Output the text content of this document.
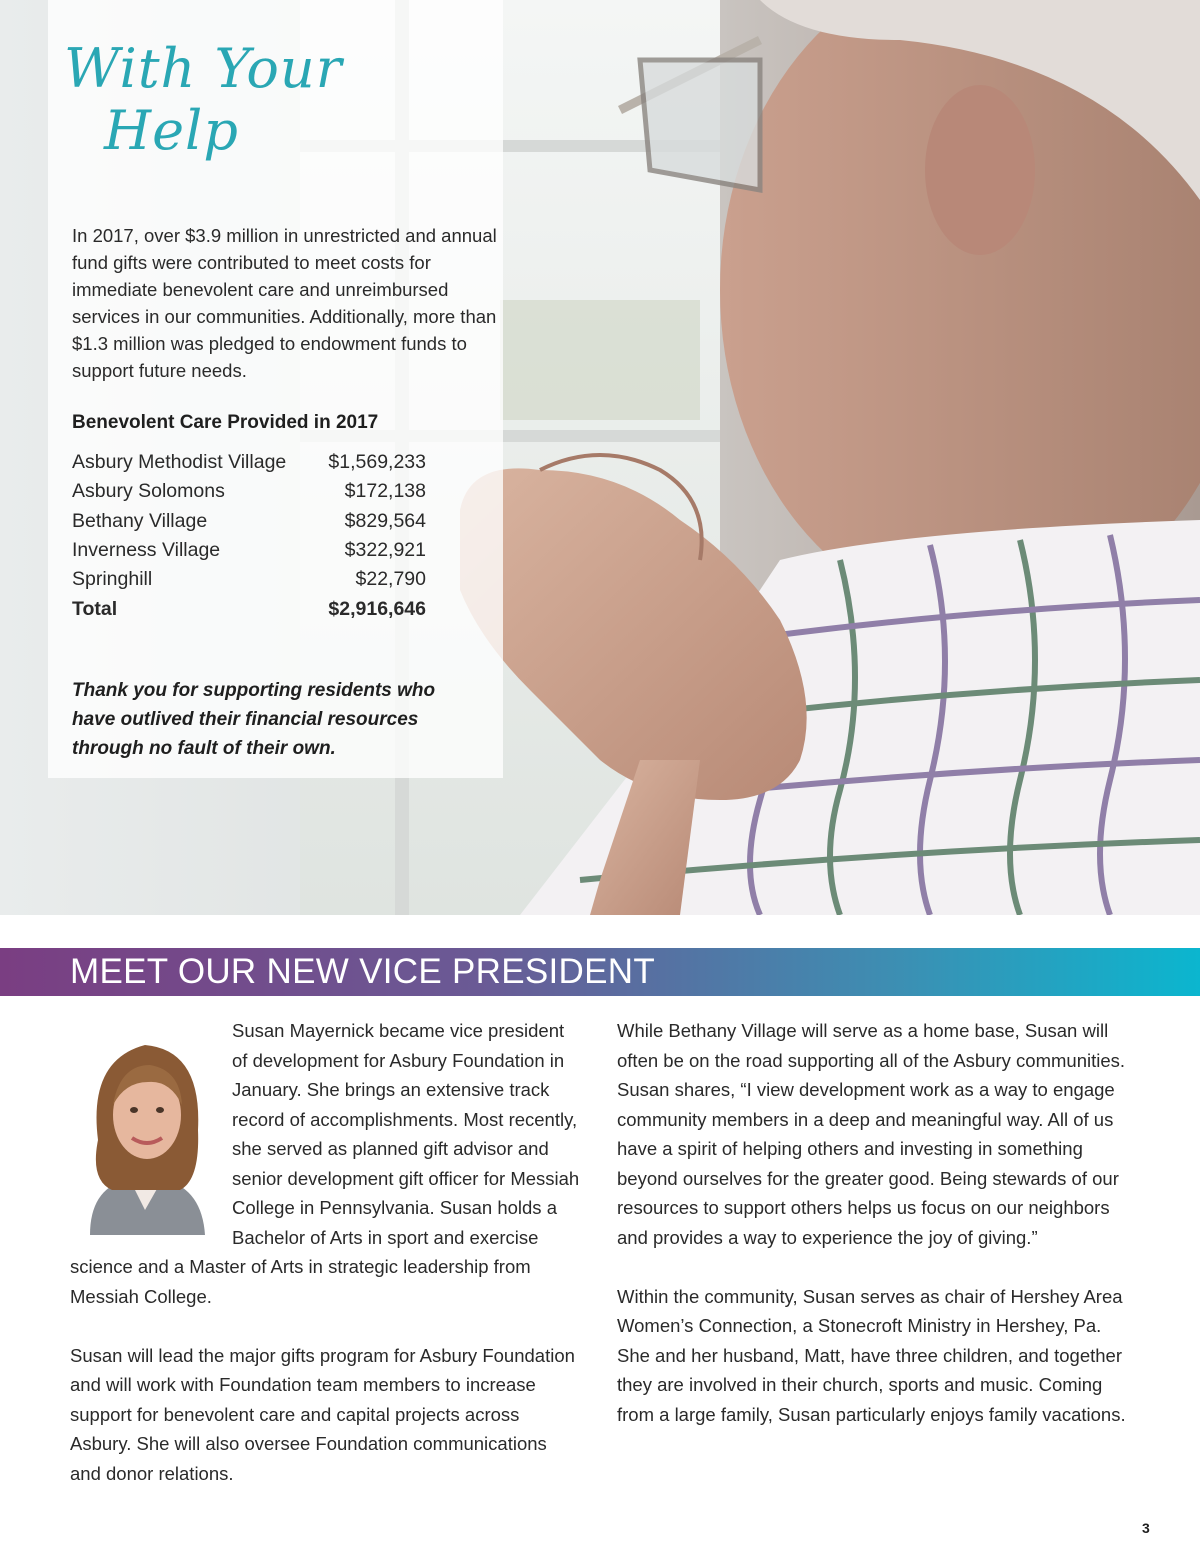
With Your
Help
In 2017, over $3.9 million in unrestricted and annual fund gifts were contributed to meet costs for immediate benevolent care and unreimbursed services in our communities. Additionally, more than $1.3 million was pledged to endowment funds to support future needs.
Benevolent Care Provided in 2017
Asbury Methodist Village	$1,569,233
Asbury Solomons	$172,138
Bethany Village	$829,564
Inverness Village	$322,921
Springhill	$22,790
Total	$2,916,646
Thank you for supporting residents who have outlived their financial resources through no fault of their own.
MEET OUR NEW VICE PRESIDENT

Susan Mayernick became vice president of development for Asbury Foundation in January. She brings an extensive track record of accomplishments. Most recently, she served as planned gift advisor and senior development gift officer for Messiah College in Pennsylvania. Susan holds a Bachelor of Arts in sport and exercise science and a Master of Arts in strategic leadership from Messiah College.

Susan will lead the major gifts program for Asbury Foundation and will work with Foundation team members to increase support for benevolent care and capital projects across Asbury. She will also oversee Foundation communications and donor relations.

While Bethany Village will serve as a home base, Susan will often be on the road supporting all of the Asbury communities. Susan shares, “I view development work as a way to engage community members in a deep and meaningful way. All of us have a spirit of helping others and investing in something beyond ourselves for the greater good. Being stewards of our resources to support others helps us focus on our neighbors and provides a way to experience the joy of giving.”

Within the community, Susan serves as chair of Hershey Area Women’s Connection, a Stonecroft Ministry in Hershey, Pa. She and her husband, Matt, have three children, and together they are involved in their church, sports and music. Coming from a large family, Susan particularly enjoys family vacations.

3
